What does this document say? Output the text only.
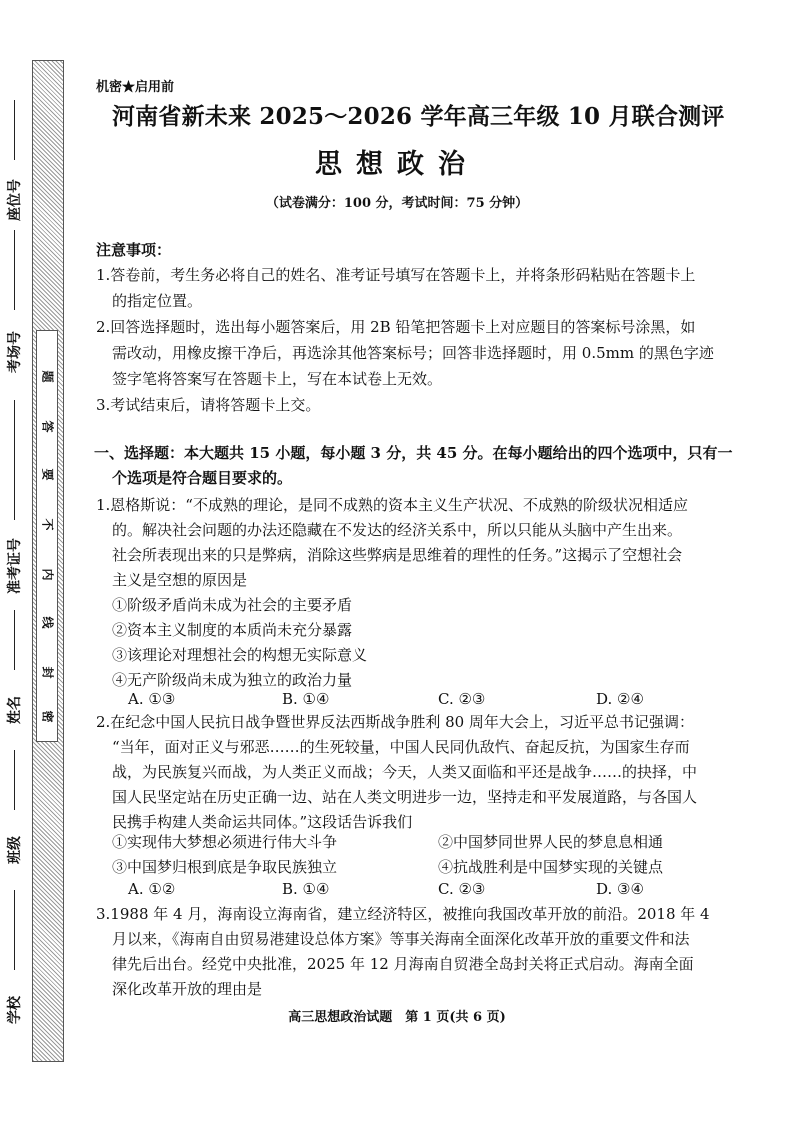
题
答
要
不
内
线
封
密
座位号
考场号
准考证号
姓名
班级
学校
机密★启用前
河南省新未来 2025～2026 学年高三年级 10 月联合测评
思想政治
（试卷满分：100 分，考试时间：75 分钟）
注意事项：
1.答卷前，考生务必将自己的姓名、准考证号填写在答题卡上，并将条形码粘贴在答题卡上
的指定位置。
2.回答选择题时，选出每小题答案后，用 2B 铅笔把答题卡上对应题目的答案标号涂黑，如
需改动，用橡皮擦干净后，再选涂其他答案标号；回答非选择题时，用 0.5mm 的黑色字迹
签字笔将答案写在答题卡上，写在本试卷上无效。
3.考试结束后，请将答题卡上交。
一、选择题：本大题共 15 小题，每小题 3 分，共 45 分。在每小题给出的四个选项中，只有一
个选项是符合题目要求的。
1.恩格斯说：“不成熟的理论，是同不成熟的资本主义生产状况、不成熟的阶级状况相适应
的。解决社会问题的办法还隐藏在不发达的经济关系中，所以只能从头脑中产生出来。
社会所表现出来的只是弊病，消除这些弊病是思维着的理性的任务。”这揭示了空想社会
主义是空想的原因是
①阶级矛盾尚未成为社会的主要矛盾
②资本主义制度的本质尚未充分暴露
③该理论对理想社会的构想无实际意义
④无产阶级尚未成为独立的政治力量
A. ①③	B. ①④	C. ②③	D. ②④
2.在纪念中国人民抗日战争暨世界反法西斯战争胜利 80 周年大会上，习近平总书记强调：
“当年，面对正义与邪恶……的生死较量，中国人民同仇敌忾、奋起反抗，为国家生存而
战，为民族复兴而战，为人类正义而战；今天，人类又面临和平还是战争……的抉择，中
国人民坚定站在历史正确一边、站在人类文明进步一边，坚持走和平发展道路，与各国人
民携手构建人类命运共同体。”这段话告诉我们
①实现伟大梦想必须进行伟大斗争	②中国梦同世界人民的梦息息相通
③中国梦归根到底是争取民族独立	④抗战胜利是中国梦实现的关键点
A. ①②	B. ①④	C. ②③	D. ③④
3.1988 年 4 月，海南设立海南省，建立经济特区，被推向我国改革开放的前沿。2018 年 4
月以来，《海南自由贸易港建设总体方案》等事关海南全面深化改革开放的重要文件和法
律先后出台。经党中央批准，2025 年 12 月海南自贸港全岛封关将正式启动。海南全面
深化改革开放的理由是
高三思想政治试题　第 1 页(共 6 页)
